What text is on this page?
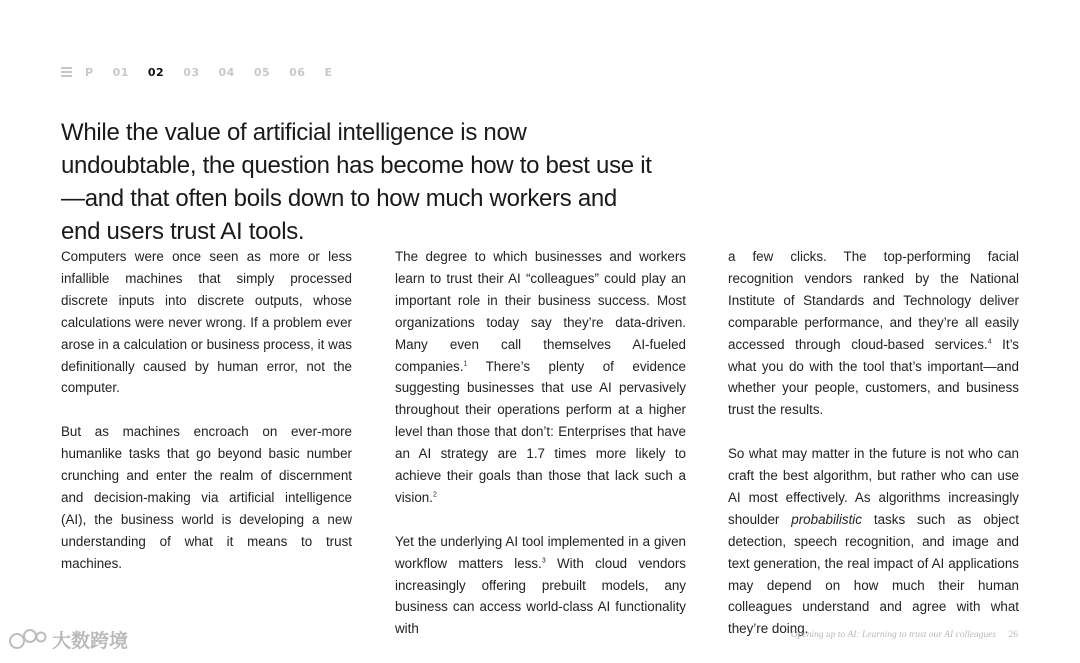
P 01 02 03 04 05 06 E
While the value of artificial intelligence is now undoubtable, the question has become how to best use it—and that often boils down to how much workers and end users trust AI tools.

Computers were once seen as more or less infallible machines that simply processed discrete inputs into discrete outputs, whose calculations were never wrong. If a problem ever arose in a calculation or business process, it was definitionally caused by human error, not the computer.

But as machines encroach on ever-more humanlike tasks that go beyond basic number crunching and enter the realm of discernment and decision-making via artificial intelligence (AI), the business world is developing a new understanding of what it means to trust machines.

The degree to which businesses and workers learn to trust their AI “colleagues” could play an important role in their business success. Most organizations today say they’re data-driven. Many even call themselves AI-fueled companies.$^1$ There’s plenty of evidence suggesting businesses that use AI pervasively throughout their operations perform at a higher level than those that don’t: Enterprises that have an AI strategy are 1.7 times more likely to achieve their goals than those that lack such a vision.$^2$

Yet the underlying AI tool implemented in a given workflow matters less.$^3$ With cloud vendors increasingly offering prebuilt models, any business can access world-class AI functionality with

a few clicks. The top-performing facial recognition vendors ranked by the National Institute of Standards and Technology deliver comparable performance, and they’re all easily accessed through cloud-based services.$^4$ It’s what you do with the tool that’s important—and whether your people, customers, and business trust the results.

So what may matter in the future is not who can craft the best algorithm, but rather who can use AI most effectively. As algorithms increasingly shoulder probabilistic tasks such as object detection, speech recognition, and image and text generation, the real impact of AI applications may depend on how much their human colleagues understand and agree with what they’re doing.

Opening up to AI: Learning to trust our AI colleagues 26
大数跨境
